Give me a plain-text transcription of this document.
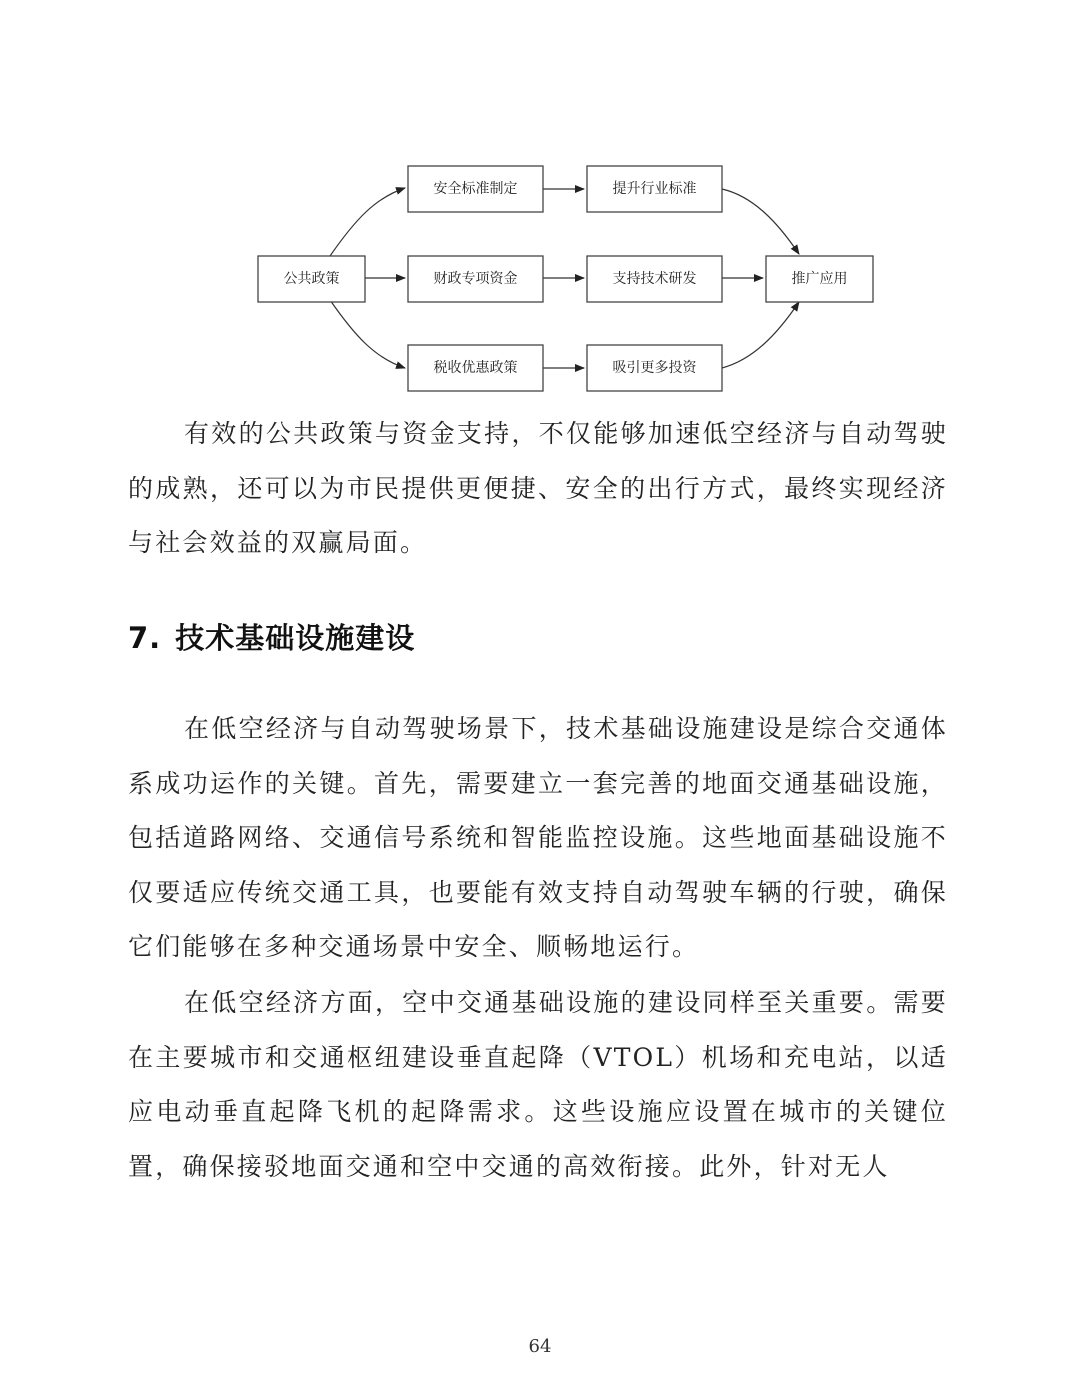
公共政策
安全标准制定
财政专项资金
税收优惠政策
提升行业标准
支持技术研发
吸引更多投资
推广应用

有效的公共政策与资金支持，不仅能够加速低空经济与自动驾驶的成熟，还可以为市民提供更便捷、安全的出行方式，最终实现经济与社会效益的双赢局面。

7. 技术基础设施建设

在低空经济与自动驾驶场景下，技术基础设施建设是综合交通体系成功运作的关键。首先，需要建立一套完善的地面交通基础设施，包括道路网络、交通信号系统和智能监控设施。这些地面基础设施不仅要适应传统交通工具，也要能有效支持自动驾驶车辆的行驶，确保它们能够在多种交通场景中安全、顺畅地运行。

在低空经济方面，空中交通基础设施的建设同样至关重要。需要在主要城市和交通枢纽建设垂直起降（VTOL）机场和充电站，以适应电动垂直起降飞机的起降需求。这些设施应设置在城市的关键位置，确保接驳地面交通和空中交通的高效衔接。此外，针对无人

64
